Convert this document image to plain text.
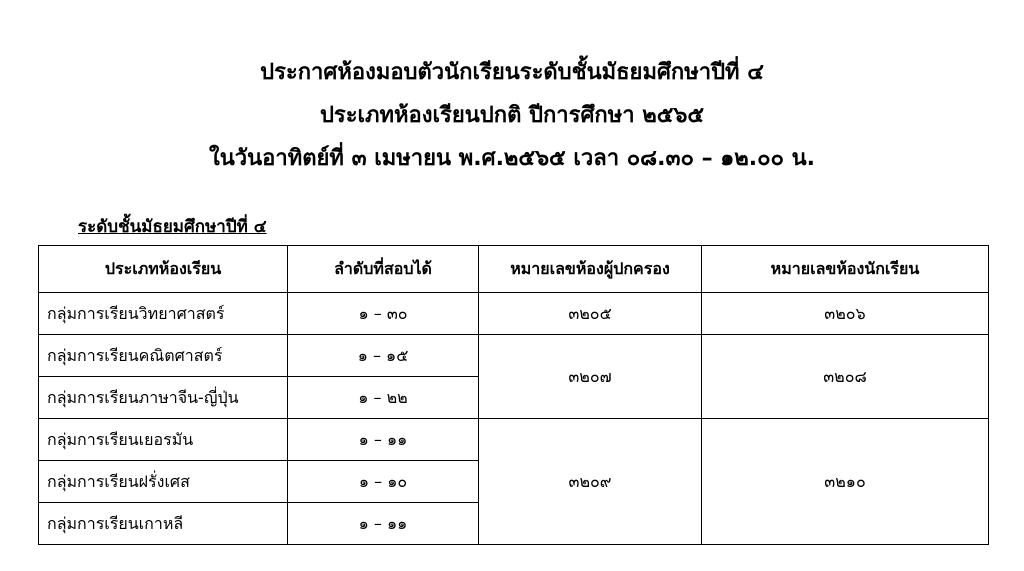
ประกาศห้องมอบตัวนักเรียนระดับชั้นมัธยมศึกษาปีที่ ๔
ประเภทห้องเรียนปกติ ปีการศึกษา ๒๕๖๕
ในวันอาทิตย์ที่ ๓ เมษายน พ.ศ.๒๕๖๕ เวลา ๐๘.๓๐ – ๑๒.๐๐ น.
ระดับชั้นมัธยมศึกษาปีที่ ๔
ประเภทห้องเรียน	ลำดับที่สอบได้	หมายเลขห้องผู้ปกครอง	หมายเลขห้องนักเรียน
กลุ่มการเรียนวิทยาศาสตร์	๑ – ๓๐	๓๒๐๕	๓๒๐๖
กลุ่มการเรียนคณิตศาสตร์	๑ – ๑๕	๓๒๐๗	๓๒๐๘
กลุ่มการเรียนภาษาจีน-ญี่ปุ่น	๑ – ๒๒		
กลุ่มการเรียนเยอรมัน	๑ – ๑๑	๓๒๐๙	๓๒๑๐
กลุ่มการเรียนฝรั่งเศส	๑ – ๑๐		
กลุ่มการเรียนเกาหลี	๑ – ๑๑		
